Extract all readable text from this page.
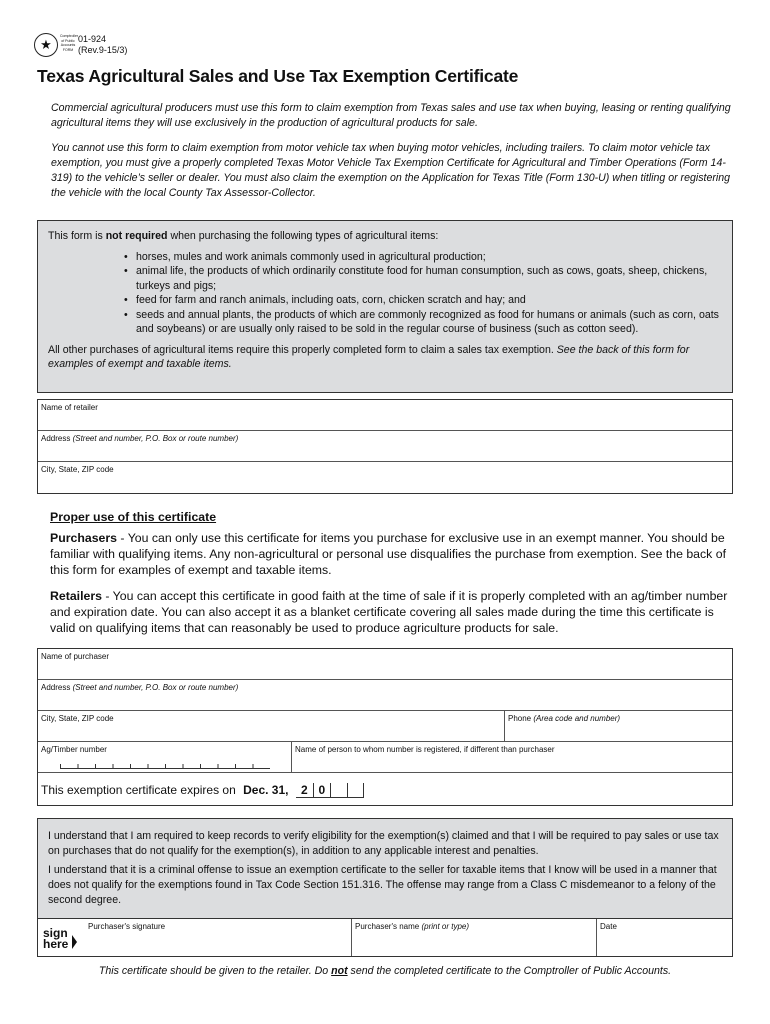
★
Comptroller of Public Accounts FORM
01-924
(Rev.9-15/3)
Texas Agricultural Sales and Use Tax Exemption Certificate
Commercial agricultural producers must use this form to claim exemption from Texas sales and use tax when buying, leasing or renting qualifying agricultural items they will use exclusively in the production of agricultural products for sale.
You cannot use this form to claim exemption from motor vehicle tax when buying motor vehicles, including trailers. To claim motor vehicle tax exemption, you must give a properly completed Texas Motor Vehicle Tax Exemption Certificate for Agricultural and Timber Operations (Form 14-319) to the vehicle’s seller or dealer. You must also claim the exemption on the Application for Texas Title (Form 130-U) when titling or registering the vehicle with the local County Tax Assessor-Collector.
This form is not required when purchasing the following types of agricultural items:
• horses, mules and work animals commonly used in agricultural production;
• animal life, the products of which ordinarily constitute food for human consumption, such as cows, goats, sheep, chickens, turkeys and pigs;
• feed for farm and ranch animals, including oats, corn, chicken scratch and hay; and
• seeds and annual plants, the products of which are commonly recognized as food for humans or animals (such as corn, oats and soybeans) or are usually only raised to be sold in the regular course of business (such as cotton seed).
All other purchases of agricultural items require this properly completed form to claim a sales tax exemption. See the back of this form for examples of exempt and taxable items.
Name of retailer
Address (Street and number, P.O. Box or route number)
City, State, ZIP code
Proper use of this certificate

Purchasers - You can only use this certificate for items you purchase for exclusive use in an exempt manner. You should be familiar with qualifying items. Any non-agricultural or personal use disqualifies the purchase from exemption. See the back of this form for examples of exempt and taxable items.

Retailers - You can accept this certificate in good faith at the time of sale if it is properly completed with an ag/timber number and expiration date. You can also accept it as a blanket certificate covering all sales made during the time this certificate is valid on qualifying items that can reasonably be used to produce agriculture products for sale.

Name of purchaser
Address (Street and number, P.O. Box or route number)
City, State, ZIP code	Phone (Area code and number)
Ag/Timber number	Name of person to whom number is registered, if different than purchaser
This exemption certificate expires on Dec. 31,	2 0

I understand that I am required to keep records to verify eligibility for the exemption(s) claimed and that I will be required to pay sales or use tax on purchases that do not qualify for the exemption(s), in addition to any applicable interest and penalties.

I understand that it is a criminal offense to issue an exemption certificate to the seller for taxable items that I know will be used in a manner that does not qualify for the exemptions found in Tax Code Section 151.316. The offense may range from a Class C misdemeanor to a felony of the second degree.

sign here
Purchaser's signature	Purchaser's name (print or type)	Date
This certificate should be given to the retailer. Do not send the completed certificate to the Comptroller of Public Accounts.
